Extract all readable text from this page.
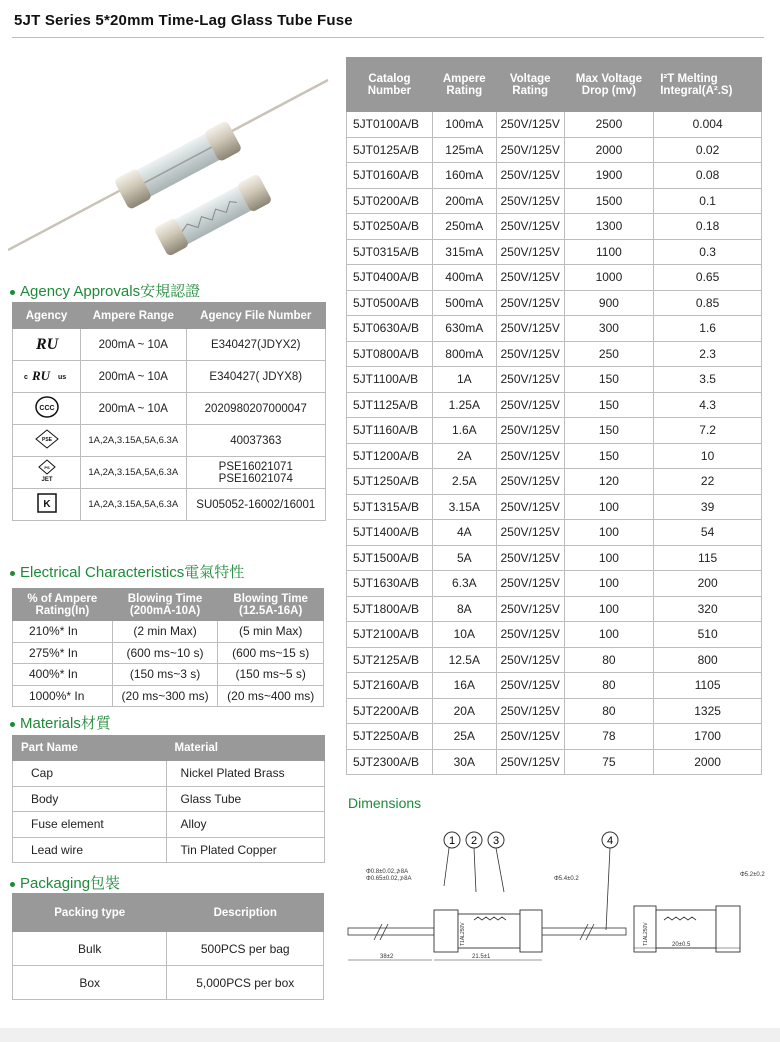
5JT Series 5*20mm Time-Lag Glass Tube Fuse
Catalog Number	Ampere Rating	Voltage Rating	Max Voltage Drop (mv)	I²T Melting Integral(A².S)
5JT0100A/B	100mA	250V/125V	2500	0.004
5JT0125A/B	125mA	250V/125V	2000	0.02
5JT0160A/B	160mA	250V/125V	1900	0.08
5JT0200A/B	200mA	250V/125V	1500	0.1
5JT0250A/B	250mA	250V/125V	1300	0.18
5JT0315A/B	315mA	250V/125V	1100	0.3
5JT0400A/B	400mA	250V/125V	1000	0.65
5JT0500A/B	500mA	250V/125V	900	0.85
5JT0630A/B	630mA	250V/125V	300	1.6
5JT0800A/B	800mA	250V/125V	250	2.3
5JT1100A/B	1A	250V/125V	150	3.5
5JT1125A/B	1.25A	250V/125V	150	4.3
5JT1160A/B	1.6A	250V/125V	150	7.2
5JT1200A/B	2A	250V/125V	150	10
5JT1250A/B	2.5A	250V/125V	120	22
5JT1315A/B	3.15A	250V/125V	100	39
5JT1400A/B	4A	250V/125V	100	54
5JT1500A/B	5A	250V/125V	100	115
5JT1630A/B	6.3A	250V/125V	100	200
5JT1800A/B	8A	250V/125V	100	320
5JT2100A/B	10A	250V/125V	100	510
5JT2125A/B	12.5A	250V/125V	80	800
5JT2160A/B	16A	250V/125V	80	1105
5JT2200A/B	20A	250V/125V	80	1325
5JT2250A/B	25A	250V/125V	78	1700
5JT2300A/B	30A	250V/125V	75	2000
Agency Approvals安規認證
Agency	Ampere Range	Agency File Number

RU	200mA ~ 10A	E340427(JDYX2)

c RU us	200mA ~ 10A	E340427( JDYX8)

CCC	200mA ~ 10A	2020980207000047

PSE	1A,2A,3.15A,5A,6.3A	40037363

PS
JET	1A,2A,3.15A,5A,6.3A	PSE16021071
PSE16021074

K	1A,2A,3.15A,5A,6.3A	SU05052-16002/16001
Electrical Characteristics電氣特性
% of Ampere Rating(In)	Blowing Time (200mA-10A)	Blowing Time (12.5A-16A)
210%* In	(2 min Max)	(5 min Max)
275%* In	(600 ms~10 s)	(600 ms~15 s)
400%* In	(150 ms~3 s)	(150 ms~5 s)
1000%* In	(20 ms~300 ms)	(20 ms~400 ms)
Materials材質
Part Name	Material
Cap	Nickel Plated Brass
Body	Glass Tube
Fuse element	Alloy
Lead wire	Tin Plated Copper
Packaging包裝
Packing type	Description
Bulk	500PCS per bag
Box	5,000PCS per box
Dimensions
1 2 3	4
Φ0.8±0.02,⊅8A
Φ0.65±0.02,⊅8A	Φ5.4±0.2
Φ5.2±0.2
T1AL250V	T1AL250V
38±2	21.5±1
20±0.5
